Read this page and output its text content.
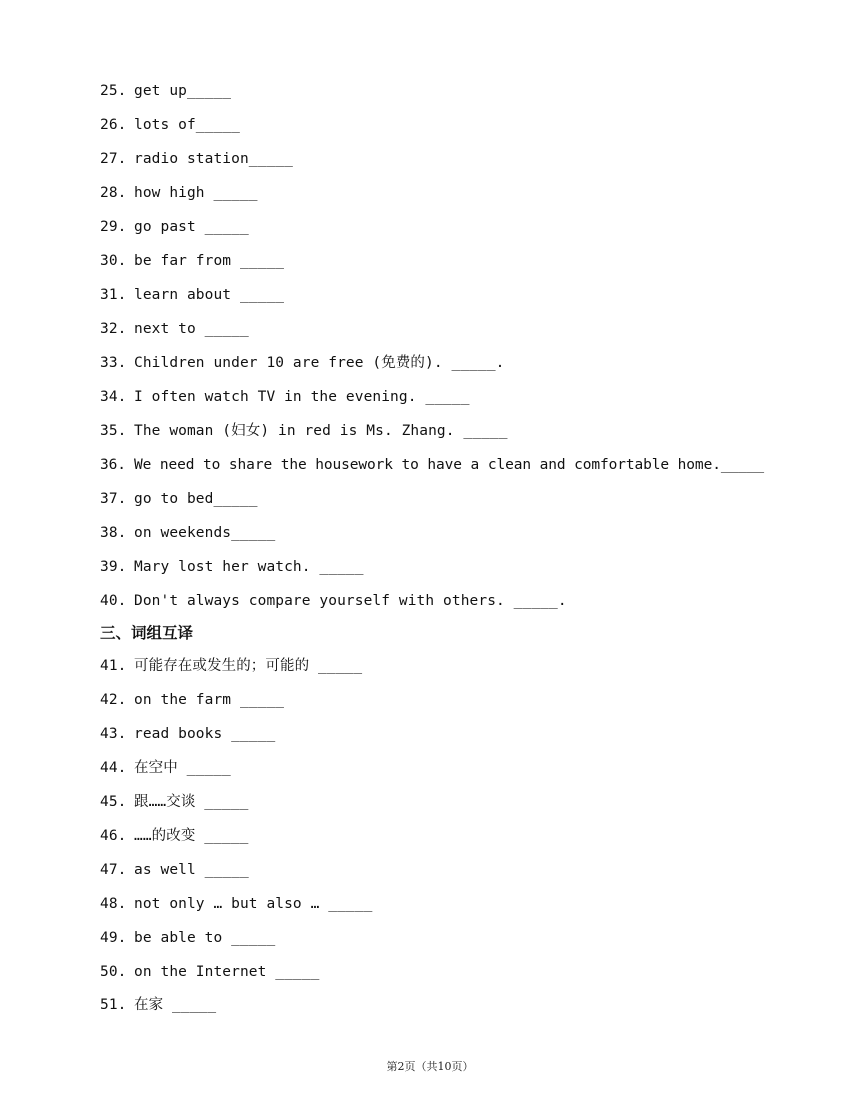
25. get up_____
26. lots of_____
27. radio station_____
28. how high _____
29. go past _____
30. be far from _____
31. learn about _____
32. next to _____
33. Children under 10 are free (免费的). _____.
34. I often watch TV in the evening. _____
35. The woman (妇女) in red is Ms. Zhang. _____
36. We need to share the housework to have a clean and comfortable home._____
37. go to bed_____
38. on weekends_____
39. Mary lost her watch. _____
40. Don't always compare yourself with others. _____.
三、词组互译
41. 可能存在或发生的；可能的 _____
42. on the farm _____
43. read books _____
44. 在空中 _____
45. 跟……交谈 _____
46. ……的改变 _____
47. as well _____
48. not only … but also … _____
49. be able to _____
50. on the Internet _____
51. 在家 _____
第2页（共10页）
